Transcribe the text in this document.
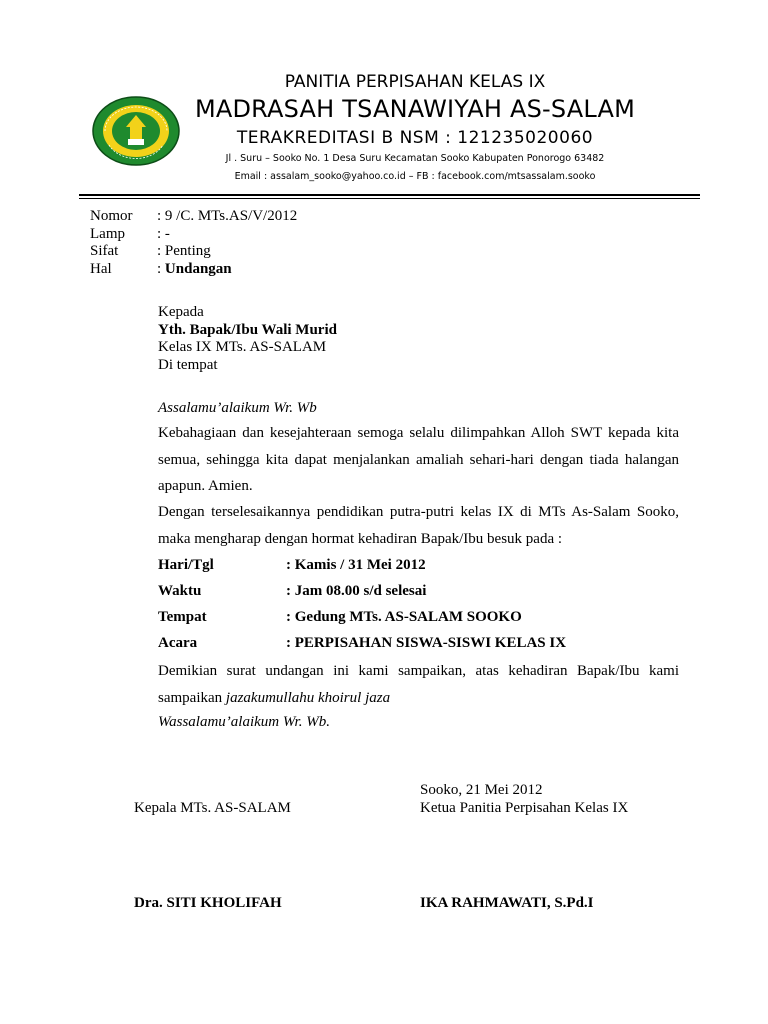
PANITIA PERPISAHAN KELAS IX
MADRASAH TSANAWIYAH AS-SALAM
TERAKREDITASI B NSM : 121235020060
Jl . Suru – Sooko No. 1 Desa Suru Kecamatan Sooko Kabupaten Ponorogo 63482
Email : assalam_sooko@yahoo.co.id – FB : facebook.com/mtsassalam.sooko
Nomor : 9 /C. MTs.AS/V/2012
Lamp : -
Sifat	: Penting
Hal	: Undangan
Kepada
Yth. Bapak/Ibu Wali Murid
Kelas IX MTs. AS-SALAM
Di tempat
Assalamu’alaikum Wr. Wb
Kebahagiaan dan kesejahteraan semoga selalu dilimpahkan Alloh SWT kepada kita semua, sehingga kita dapat menjalankan amaliah sehari-hari dengan tiada halangan apapun. Amien.
Dengan terselesaikannya pendidikan putra-putri kelas IX di MTs As-Salam Sooko, maka mengharap dengan hormat kehadiran Bapak/Ibu besuk pada :
Hari/Tgl	: Kamis / 31 Mei 2012
Waktu	: Jam 08.00 s/d selesai
Tempat	: Gedung MTs. AS-SALAM SOOKO
Acara	: PERPISAHAN SISWA-SISWI KELAS IX
Demikian surat undangan ini kami sampaikan, atas kehadiran Bapak/Ibu kami sampaikan jazakumullahu khoirul jaza
Wassalamu’alaikum Wr. Wb.
Sooko, 21 Mei 2012
Kepala MTs. AS-SALAM	Ketua Panitia Perpisahan Kelas IX
Dra. SITI KHOLIFAH	IKA RAHMAWATI, S.Pd.I
